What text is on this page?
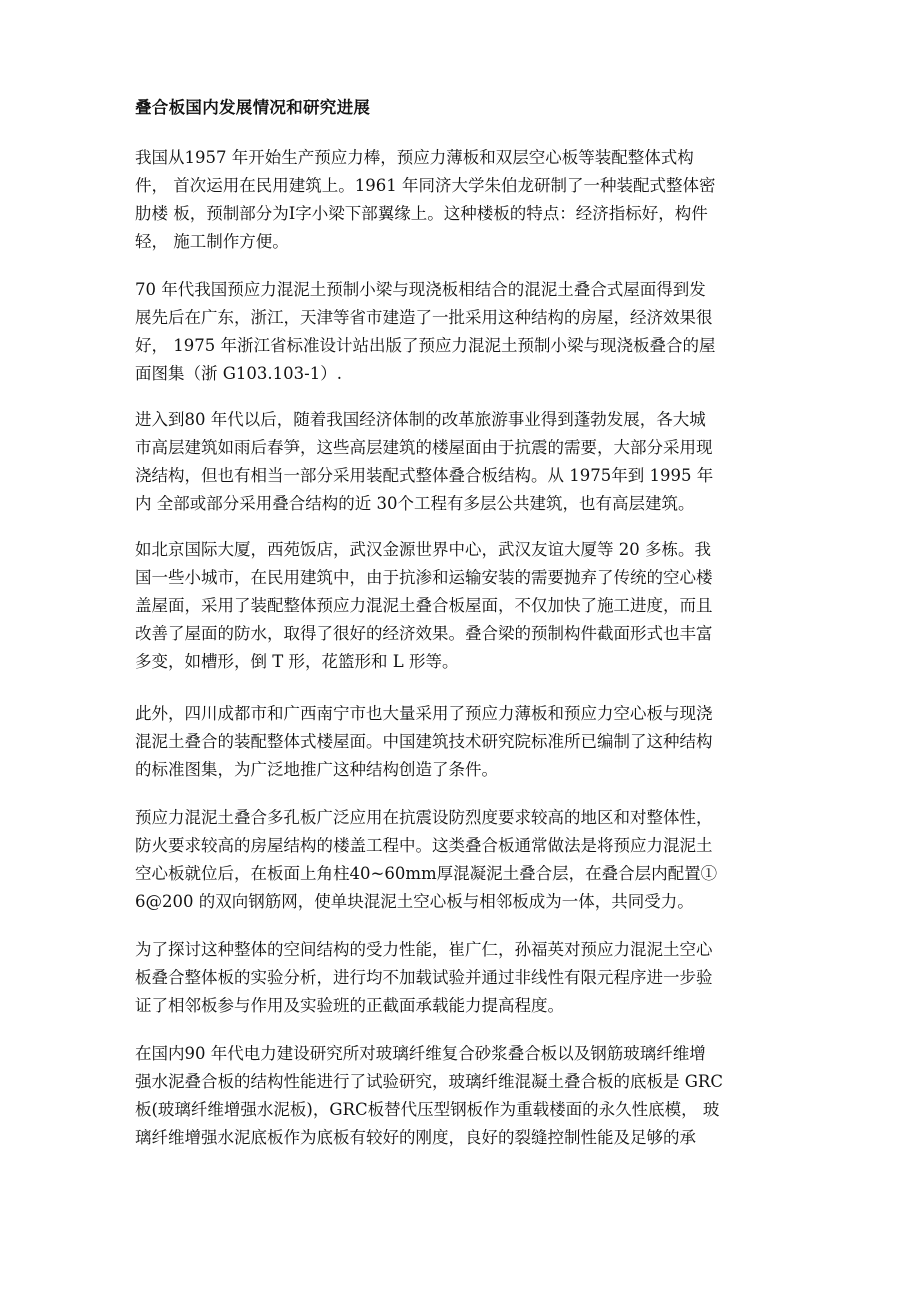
叠合板国内发展情况和研究进展
我国从1957 年开始生产预应力棒，预应力薄板和双层空心板等装配整体式构
件， 首次运用在民用建筑上。1961 年同济大学朱伯龙研制了一种装配式整体密
肋楼 板，预制部分为I字小梁下部翼缘上。这种楼板的特点：经济指标好，构件
轻， 施工制作方便。
70 年代我国预应力混泥土预制小梁与现浇板相结合的混泥土叠合式屋面得到发
展先后在广东，浙江，天津等省市建造了一批采用这种结构的房屋，经济效果很
好， 1975 年浙江省标准设计站出版了预应力混泥土预制小梁与现浇板叠合的屋
面图集（浙 G103.103-1）.
进入到80 年代以后，随着我国经济体制的改革旅游事业得到蓬勃发展，各大城
市高层建筑如雨后春笋，这些高层建筑的楼屋面由于抗震的需要，大部分采用现
浇结构，但也有相当一部分采用装配式整体叠合板结构。从 1975年到 1995 年
内 全部或部分采用叠合结构的近 30个工程有多层公共建筑，也有高层建筑。
如北京国际大厦，西苑饭店，武汉金源世界中心，武汉友谊大厦等 20 多栋。我
国一些小城市，在民用建筑中，由于抗渗和运输安装的需要抛弃了传统的空心楼
盖屋面，采用了装配整体预应力混泥土叠合板屋面，不仅加快了施工进度，而且
改善了屋面的防水，取得了很好的经济效果。叠合梁的预制构件截面形式也丰富
多变，如槽形，倒 T 形，花篮形和 L 形等。
此外，四川成都市和广西南宁市也大量采用了预应力薄板和预应力空心板与现浇
混泥土叠合的装配整体式楼屋面。中国建筑技术研究院标准所已编制了这种结构
的标准图集，为广泛地推广这种结构创造了条件。
预应力混泥土叠合多孔板广泛应用在抗震设防烈度要求较高的地区和对整体性，
防火要求较高的房屋结构的楼盖工程中。这类叠合板通常做法是将预应力混泥土
空心板就位后，在板面上角柱40~60mm厚混凝泥土叠合层，在叠合层内配置①
6@200 的双向钢筋网，使单块混泥土空心板与相邻板成为一体，共同受力。
为了探讨这种整体的空间结构的受力性能，崔广仁，孙福英对预应力混泥土空心
板叠合整体板的实验分析，进行均不加载试验并通过非线性有限元程序进一步验
证了相邻板参与作用及实验班的正截面承载能力提高程度。
在国内90 年代电力建设研究所对玻璃纤维复合砂浆叠合板以及钢筋玻璃纤维增
强水泥叠合板的结构性能进行了试验研究，玻璃纤维混凝土叠合板的底板是 GRC
板(玻璃纤维增强水泥板)，GRC板替代压型钢板作为重载楼面的永久性底模， 玻
璃纤维增强水泥底板作为底板有较好的刚度，良好的裂缝控制性能及足够的承
